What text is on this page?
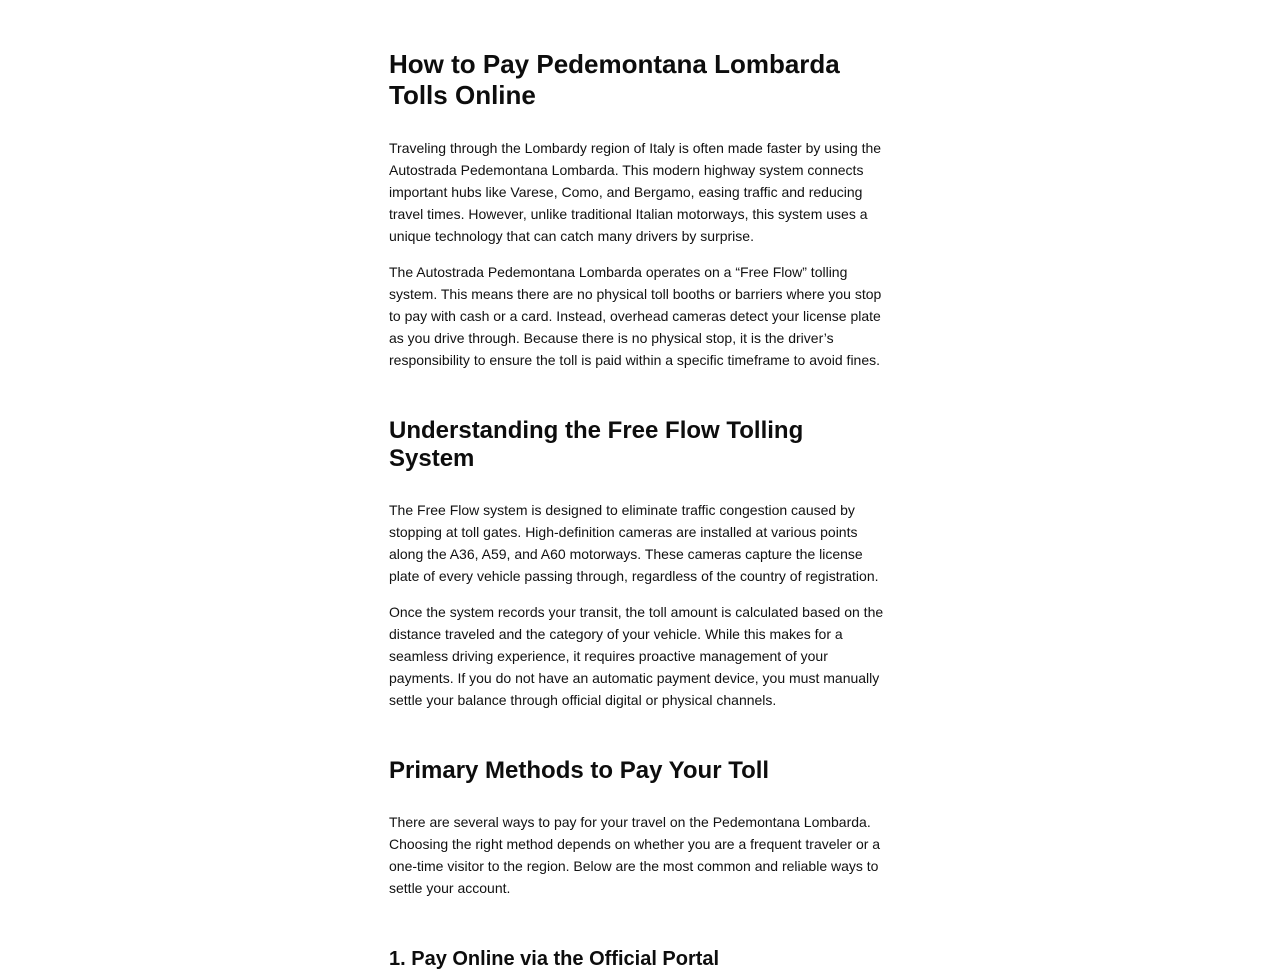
How to Pay Pedemontana Lombarda Tolls Online

Traveling through the Lombardy region of Italy is often made faster by using the Autostrada Pedemontana Lombarda. This modern highway system connects important hubs like Varese, Como, and Bergamo, easing traffic and reducing travel times. However, unlike traditional Italian motorways, this system uses a unique technology that can catch many drivers by surprise.

The Autostrada Pedemontana Lombarda operates on a “Free Flow” tolling system. This means there are no physical toll booths or barriers where you stop to pay with cash or a card. Instead, overhead cameras detect your license plate as you drive through. Because there is no physical stop, it is the driver’s responsibility to ensure the toll is paid within a specific timeframe to avoid fines.

Understanding the Free Flow Tolling System

The Free Flow system is designed to eliminate traffic congestion caused by stopping at toll gates. High-definition cameras are installed at various points along the A36, A59, and A60 motorways. These cameras capture the license plate of every vehicle passing through, regardless of the country of registration.

Once the system records your transit, the toll amount is calculated based on the distance traveled and the category of your vehicle. While this makes for a seamless driving experience, it requires proactive management of your payments. If you do not have an automatic payment device, you must manually settle your balance through official digital or physical channels.

Primary Methods to Pay Your Toll

There are several ways to pay for your travel on the Pedemontana Lombarda. Choosing the right method depends on whether you are a frequent traveler or a one-time visitor to the region. Below are the most common and reliable ways to settle your account.

1. Pay Online via the Official Portal
